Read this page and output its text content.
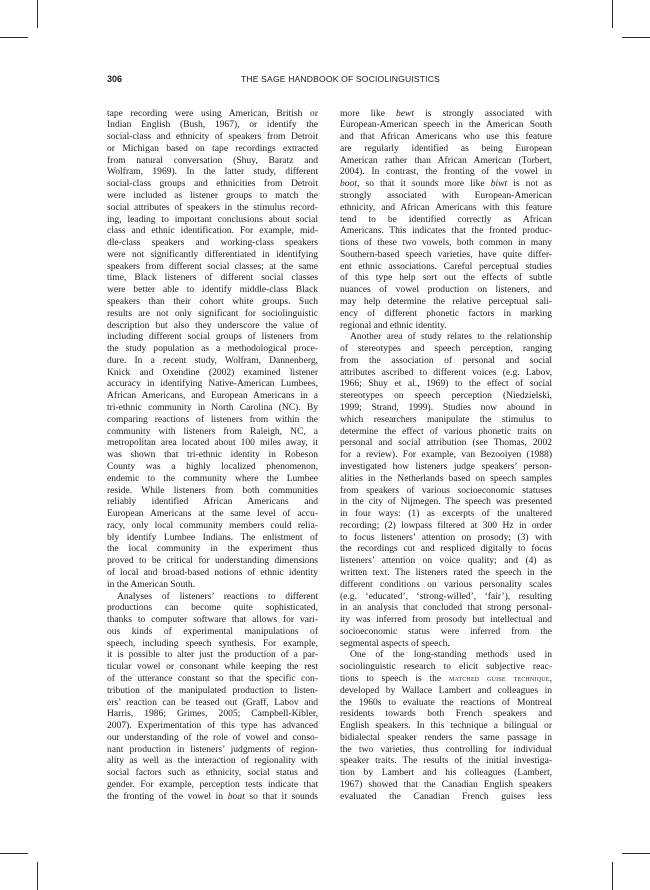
306	THE SAGE HANDBOOK OF SOCIOLINGUISTICS
tape recording were using American, British or
Indian English (Bush, 1967), or identify the
social-class and ethnicity of speakers from Detroit
or Michigan based on tape recordings extracted
from natural conversation (Shuy, Baratz and
Wolfram, 1969). In the latter study, different
social-class groups and ethnicities from Detroit
were included as listener groups to match the
social attributes of speakers in the stimulus record-
ing, leading to important conclusions about social
class and ethnic identification. For example, mid-
dle-class speakers and working-class speakers
were not significantly differentiated in identifying
speakers from different social classes; at the same
time, Black listeners of different social classes
were better able to identify middle-class Black
speakers than their cohort white groups. Such
results are not only significant for sociolinguistic
description but also they underscore the value of
including different social groups of listeners from
the study population as a methodological proce-
dure. In a recent study, Wolfram, Dannenberg,
Knick and Oxendine (2002) examined listener
accuracy in identifying Native-American Lumbees,
African Americans, and European Americans in a
tri-ethnic community in North Carolina (NC). By
comparing reactions of listeners from within the
community with listeners from Raleigh, NC, a
metropolitan area located about 100 miles away, it
was shown that tri-ethnic identity in Robeson
County was a highly localized phenomenon,
endemic to the community where the Lumbee
reside. While listeners from both communities
reliably identified African Americans and
European Americans at the same level of accu-
racy, only local community members could relia-
bly identify Lumbee Indians. The enlistment of
the local community in the experiment thus
proved to be critical for understanding dimensions
of local and broad-based notions of ethnic identity
in the American South.
Analyses of listeners’ reactions to different
productions can become quite sophisticated,
thanks to computer software that allows for vari-
ous kinds of experimental manipulations of
speech, including speech synthesis. For example,
it is possible to alter just the production of a par-
ticular vowel or consonant while keeping the rest
of the utterance constant so that the specific con-
tribution of the manipulated production to listen-
ers’ reaction can be teased out (Graff, Labov and
Harris, 1986; Grimes, 2005; Campbell-Kibler,
2007). Experimentation of this type has advanced
our understanding of the role of vowel and conso-
nant production in listeners’ judgments of region-
ality as well as the interaction of regionality with
social factors such as ethnicity, social status and
gender. For example, perception tests indicate that
the fronting of the vowel in boat so that it sounds
more like bewt is strongly associated with
European-American speech in the American South
and that African Americans who use this feature
are regularly identified as being European
American rather than African American (Torbert,
2004). In contrast, the fronting of the vowel in
boot, so that it sounds more like biwt is not as
strongly associated with European-American
ethnicity, and African Americans with this feature
tend to be identified correctly as African
Americans. This indicates that the fronted produc-
tions of these two vowels, both common in many
Southern-based speech varieties, have quite differ-
ent ethnic associations. Careful perceptual studies
of this type help sort out the effects of subtle
nuances of vowel production on listeners, and
may help determine the relative perceptual sali-
ency of different phonetic factors in marking
regional and ethnic identity.
Another area of study relates to the relationship
of stereotypes and speech perception, ranging
from the association of personal and social
attributes ascribed to different voices (e.g. Labov,
1966; Shuy et al., 1969) to the effect of social
stereotypes on speech perception (Niedzielski,
1999; Strand, 1999). Studies now abound in
which researchers manipulate the stimulus to
determine the effect of various phonetic traits on
personal and social attribution (see Thomas, 2002
for a review). For example, van Bezooiyen (1988)
investigated how listeners judge speakers’ person-
alities in the Netherlands based on speech samples
from speakers of various socioeconomic statuses
in the city of Nijmegen. The speech was presented
in four ways: (1) as excerpts of the unaltered
recording; (2) lowpass filtered at 300 Hz in order
to focus listeners’ attention on prosody; (3) with
the recordings cut and respliced digitally to focus
listeners’ attention on voice quality; and (4) as
written text. The listeners rated the speech in the
different conditions on various personality scales
(e.g. ‘educated’, ‘strong-willed’, ‘fair’), resulting
in an analysis that concluded that strong personal-
ity was inferred from prosody but intellectual and
socioeconomic status were inferred from the
segmental aspects of speech.
One of the long-standing methods used in
sociolinguistic research to elicit subjective reac-
tions to speech is the matched guise technique,
developed by Wallace Lambert and colleagues in
the 1960s to evaluate the reactions of Montreal
residents towards both French speakers and
English speakers. In this technique a bilingual or
bidialectal speaker renders the same passage in
the two varieties, thus controlling for individual
speaker traits. The results of the initial investiga-
tion by Lambert and his colleagues (Lambert,
1967) showed that the Canadian English speakers
evaluated the Canadian French guises less
